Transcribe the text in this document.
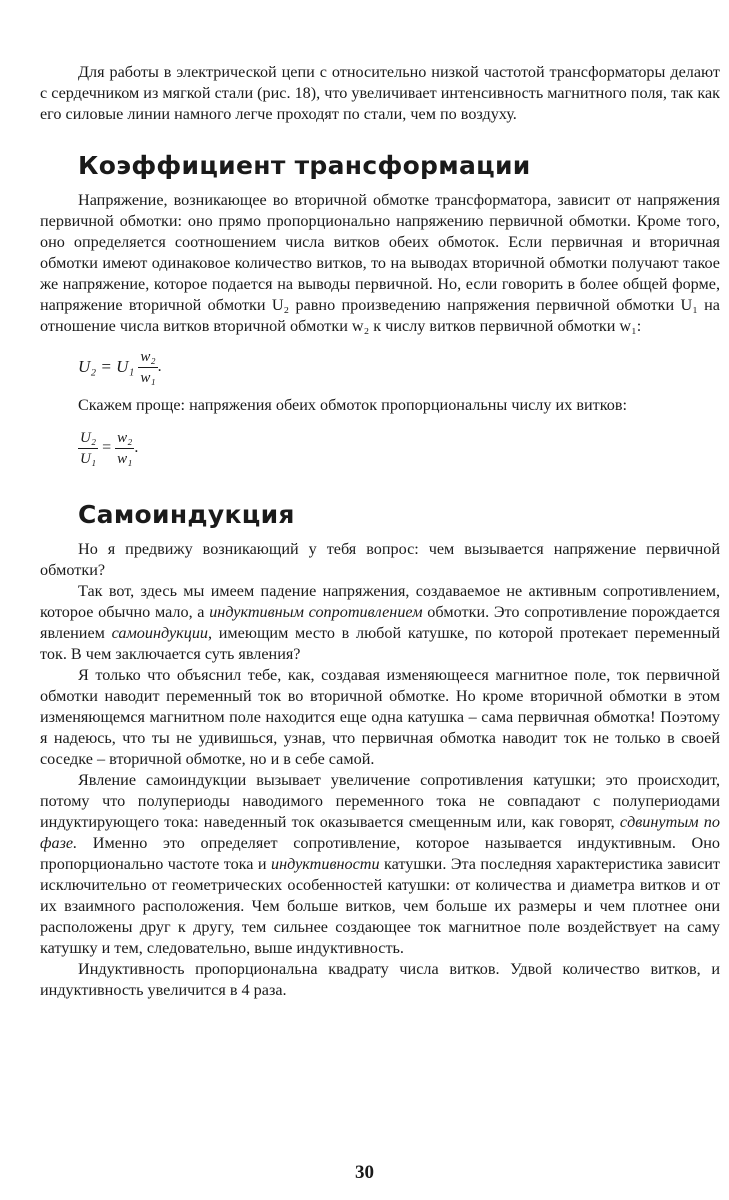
Для работы в электрической цепи с относительно низкой частотой трансформаторы делают с сердечником из мягкой стали (рис. 18), что увеличивает интенсивность магнитного поля, так как его силовые линии намного легче проходят по стали, чем по воздуху.

Коэффициент трансформации

Напряжение, возникающее во вторичной обмотке трансформатора, зависит от напряжения первичной обмотки: оно прямо пропорционально напряжению первичной обмотки. Кроме того, оно определяется соотношением числа витков обеих обмоток. Если первичная и вторичная обмотки имеют одинаковое количество витков, то на выводах вторичной обмотки получают такое же напряжение, которое подается на выводы первичной. Но, если говорить в более общей форме, напряжение вторичной обмотки U₂ равно произведению напряжения первичной обмотки U₁ на отношение числа витков вторичной обмотки w₂ к числу витков первичной обмотки w₁:

$U_2 = U_1 \frac{\text{w₂}}{\text{w₁}}$ .

Скажем проще: напряжения обеих обмоток пропорциональны числу их витков:

$\frac{\text{U₂}}{\text{U₁}} = \frac{\text{w₂}}{\text{w₁}}$ .
Самоиндукция

Но я предвижу возникающий у тебя вопрос: чем вызывается напряжение первичной обмотки?

Так вот, здесь мы имеем падение напряжения, создаваемое не активным сопротивлением, которое обычно мало, а индуктивным сопротивлением обмотки. Это сопротивление порождается явлением самоиндукции, имеющим место в любой катушке, по которой протекает переменный ток. В чем заключается суть явления?

Я только что объяснил тебе, как, создавая изменяющееся магнитное поле, ток первичной обмотки наводит переменный ток во вторичной обмотке. Но кроме вторичной обмотки в этом изменяющемся магнитном поле находится еще одна катушка – сама первичная обмотка! Поэтому я надеюсь, что ты не удивишься, узнав, что первичная обмотка наводит ток не только в своей соседке – вторичной обмотке, но и в себе самой.

Явление самоиндукции вызывает увеличение сопротивления катушки; это происходит, потому что полупериоды наводимого переменного тока не совпадают с полупериодами индуктирующего тока: наведенный ток оказывается смещенным или, как говорят, сдвинутым по фазе. Именно это определяет сопротивление, которое называется индуктивным. Оно пропорционально частоте тока и индуктивности катушки. Эта последняя характеристика зависит исключительно от геометрических особенностей катушки: от количества и диаметра витков и от их взаимного расположения. Чем больше витков, чем больше их размеры и чем плотнее они расположены друг к другу, тем сильнее создающее ток магнитное поле воздействует на саму катушку и тем, следовательно, выше индуктивность.

Индуктивность пропорциональна квадрату числа витков. Удвой количество витков, и индуктивность увеличится в 4 раза.

30
